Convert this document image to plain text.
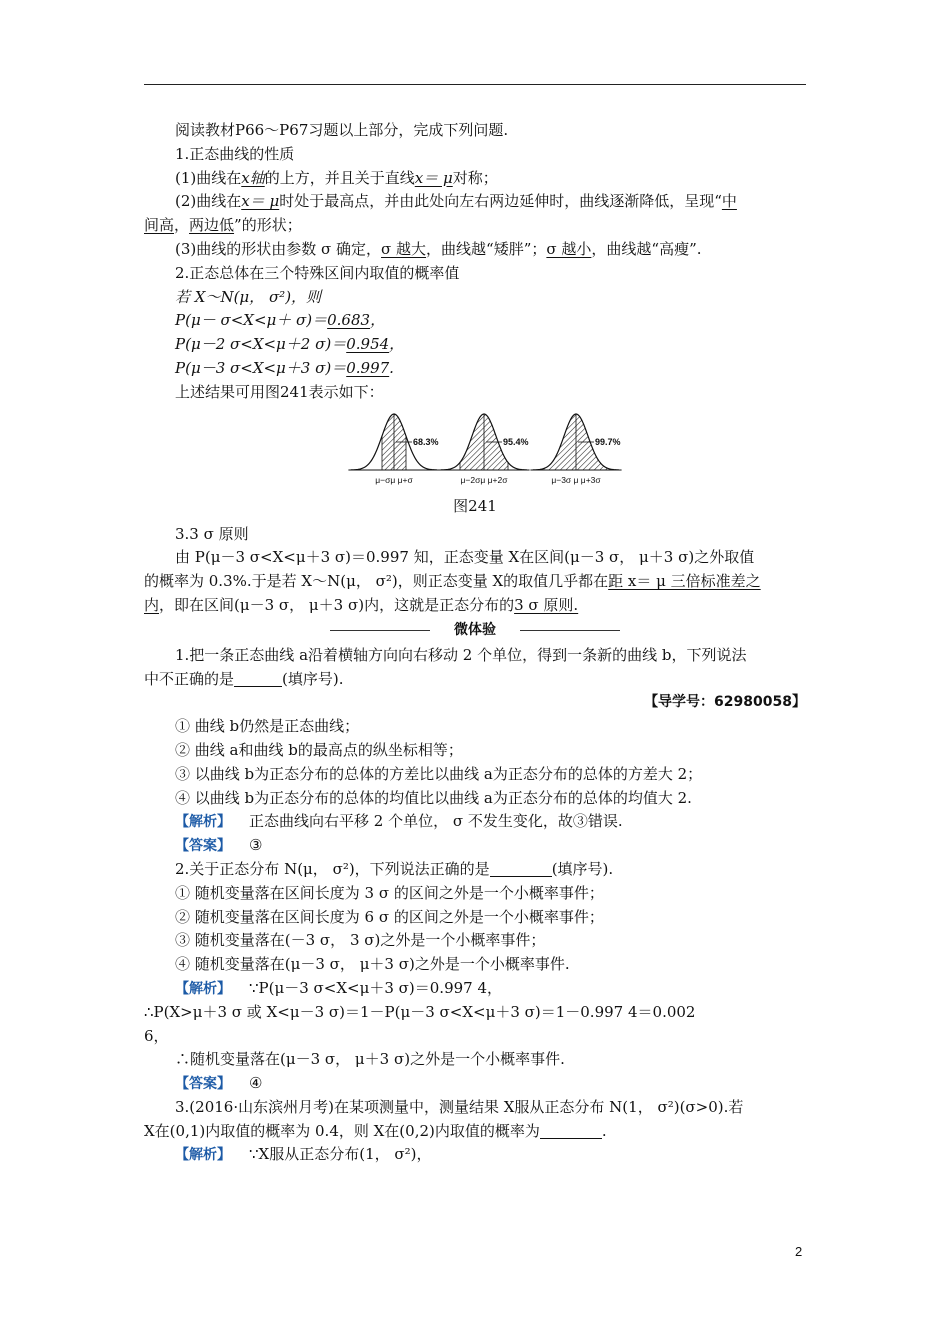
阅读教材P66～P67习题以上部分，完成下列问题.
1.正态曲线的性质
(1)曲线在x轴的上方，并且关于直线x＝ μ对称；
(2)曲线在x＝ μ时处于最高点，并由此处向左右两边延伸时，曲线逐渐降低，呈现“中
间高，两边低”的形状；
(3)曲线的形状由参数 σ 确定，σ 越大，曲线越“矮胖”；σ 越小，曲线越“高瘦”.
2.正态总体在三个特殊区间内取值的概率值
若 X～N(μ， σ²)，则
P(μ－ σ<X<μ＋ σ)＝0.683，
P(μ－2 σ<X<μ＋2 σ)＝0.954，
P(μ－3 σ<X<μ＋3 σ)＝0.997.
上述结果可用图241表示如下：
68.3%
μ−σμ μ+σ
95.4%
μ−2σμ μ+2σ
99.7%
μ−3σ μ μ+3σ
图241
3.3 σ 原则
由 P(μ－3 σ<X<μ＋3 σ)＝0.997 知，正态变量 X在区间(μ－3 σ， μ＋3 σ)之外取值
的概率为 0.3%.于是若 X～N(μ， σ²)，则正态变量 X的取值几乎都在距 x＝ μ 三倍标准差之
内，即在区间(μ－3 σ， μ＋3 σ)内，这就是正态分布的3 σ 原则.
微体验
1.把一条正态曲线 a沿着横轴方向向右移动 2 个单位，得到一条新的曲线 b，下列说法
中不正确的是	(填序号).
【导学号：62980058】
① 曲线 b仍然是正态曲线；
② 曲线 a和曲线 b的最高点的纵坐标相等；
③ 以曲线 b为正态分布的总体的方差比以曲线 a为正态分布的总体的方差大 2；
④ 以曲线 b为正态分布的总体的均值比以曲线 a为正态分布的总体的均值大 2.
【解析】 正态曲线向右平移 2 个单位， σ 不发生变化，故③错误.
【答案】 ③
2.关于正态分布 N(μ， σ²)，下列说法正确的是	(填序号).
① 随机变量落在区间长度为 3 σ 的区间之外是一个小概率事件；
② 随机变量落在区间长度为 6 σ 的区间之外是一个小概率事件；
③ 随机变量落在(－3 σ， 3 σ)之外是一个小概率事件；
④ 随机变量落在(μ－3 σ， μ＋3 σ)之外是一个小概率事件.
【解析】 ∵P(μ－3 σ<X<μ＋3 σ)＝0.997 4，
∴P(X>μ＋3 σ 或 X<μ－3 σ)＝1－P(μ－3 σ<X<μ＋3 σ)＝1－0.997 4＝0.002
6，
∴随机变量落在(μ－3 σ， μ＋3 σ)之外是一个小概率事件.
【答案】 ④
3.(2016·山东滨州月考)在某项测量中，测量结果 X服从正态分布 N(1， σ²)(σ>0).若
X在(0,1)内取值的概率为 0.4，则 X在(0,2)内取值的概率为	.
【解析】 ∵X服从正态分布(1， σ²)，
2
